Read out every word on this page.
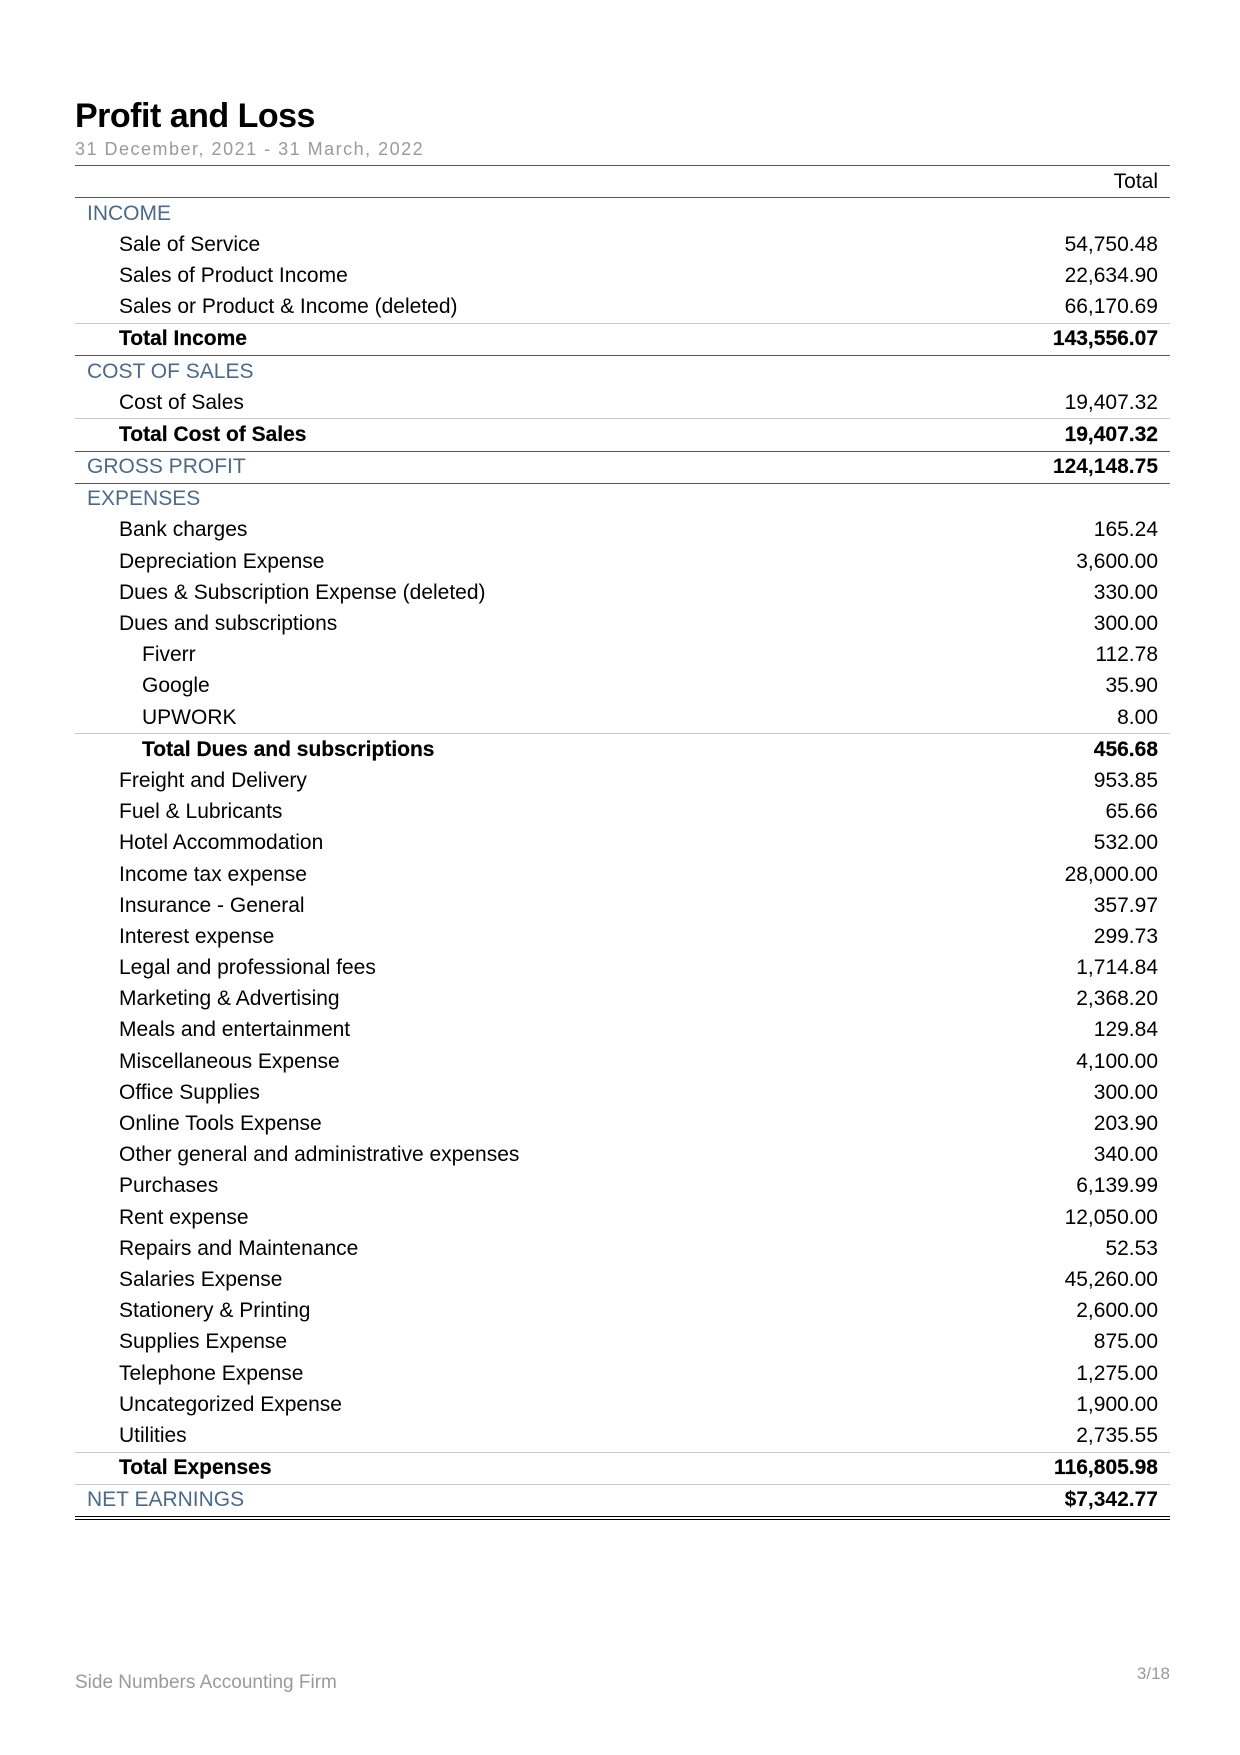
Profit and Loss
31 December, 2021 - 31 March, 2022
Total
INCOME
Sale of Service	54,750.48
Sales of Product Income	22,634.90
Sales or Product & Income (deleted)	66,170.69
Total Income	143,556.07
COST OF SALES
Cost of Sales	19,407.32
Total Cost of Sales	19,407.32
GROSS PROFIT	124,148.75
EXPENSES
Bank charges	165.24
Depreciation Expense	3,600.00
Dues & Subscription Expense (deleted)	330.00
Dues and subscriptions	300.00
Fiverr	112.78
Google	35.90
UPWORK	8.00
Total Dues and subscriptions	456.68
Freight and Delivery	953.85
Fuel & Lubricants	65.66
Hotel Accommodation	532.00
Income tax expense	28,000.00
Insurance - General	357.97
Interest expense	299.73
Legal and professional fees	1,714.84
Marketing & Advertising	2,368.20
Meals and entertainment	129.84
Miscellaneous Expense	4,100.00
Office Supplies	300.00
Online Tools Expense	203.90
Other general and administrative expenses	340.00
Purchases	6,139.99
Rent expense	12,050.00
Repairs and Maintenance	52.53
Salaries Expense	45,260.00
Stationery & Printing	2,600.00
Supplies Expense	875.00
Telephone Expense	1,275.00
Uncategorized Expense	1,900.00
Utilities	2,735.55
Total Expenses	116,805.98
NET EARNINGS	$7,342.77
Side Numbers Accounting Firm	3/18
